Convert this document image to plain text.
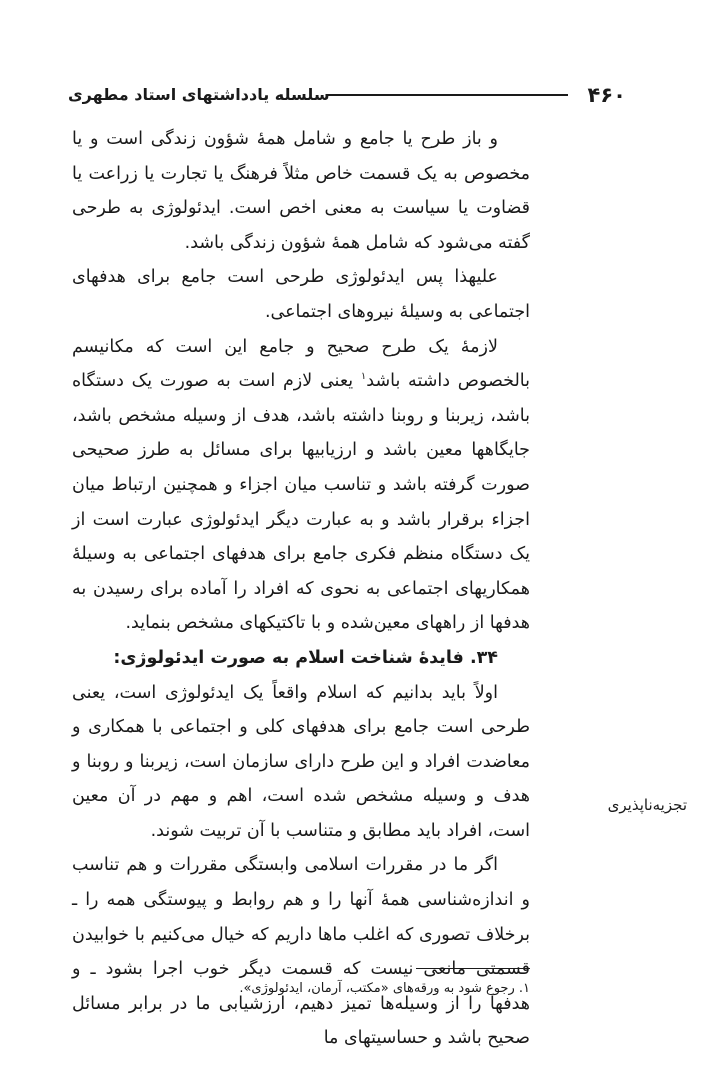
۴۶۰
سلسله یادداشتهای استاد مطهری

و باز طرح یا جامع و شامل همهٔ شؤون زندگی است و یا مخصوص به یک قسمت خاص مثلاً فرهنگ یا تجارت یا زراعت یا قضاوت یا سیاست به معنی اخص است. ایدئولوژی به طرحی گفته می‌شود که شامل همهٔ شؤون زندگی باشد.

علیهذا پس ایدئولوژی طرحی است جامع برای هدفهای اجتماعی به وسیلهٔ نیروهای اجتماعی.

لازمهٔ یک طرح صحیح و جامع این است که مکانیسم بالخصوص داشته باشد$^۱$ یعنی لازم است به صورت یک دستگاه باشد، زیربنا و روبنا داشته باشد، هدف از وسیله مشخص باشد، جایگاهها معین باشد و ارزیابیها برای مسائل به طرز صحیحی صورت گرفته باشد و تناسب میان اجزاء و همچنین ارتباط میان اجزاء برقرار باشد و به عبارت دیگر ایدئولوژی عبارت است از یک دستگاه منظم فکری جامع برای هدفهای اجتماعی به وسیلهٔ همکاریهای اجتماعی به نحوی که افراد را آماده برای رسیدن به هدفها از راههای معین‌شده و با تاکتیکهای مشخص بنماید.

۳۴. فایدهٔ شناخت اسلام به صورت ایدئولوژی:

اولاً باید بدانیم که اسلام واقعاً یک ایدئولوژی است، یعنی طرحی است جامع برای هدفهای کلی و اجتماعی با همکاری و معاضدت افراد و این طرح دارای سازمان است، زیربنا و روبنا و هدف و وسیله مشخص شده است، اهم و مهم در آن معین است، افراد باید مطابق و متناسب با آن تربیت شوند.

اگر ما در مقررات اسلامی وابستگی مقررات و هم تناسب و اندازه‌شناسی همهٔ آنها را و هم روابط و پیوستگی همه را ـ برخلاف تصوری که اغلب ماها داریم که خیال می‌کنیم با خوابیدن قسمتی مانعی نیست که قسمت دیگر خوب اجرا بشود ـ و هدفها را از وسیله‌ها تمیز دهیم، ارزشیابی ما در برابر مسائل صحیح باشد و حساسیتهای ما

تجزیه‌ناپذیری
۱. رجوع شود به ورقه‌های «مکتب، آرمان، ایدئولوژی».
